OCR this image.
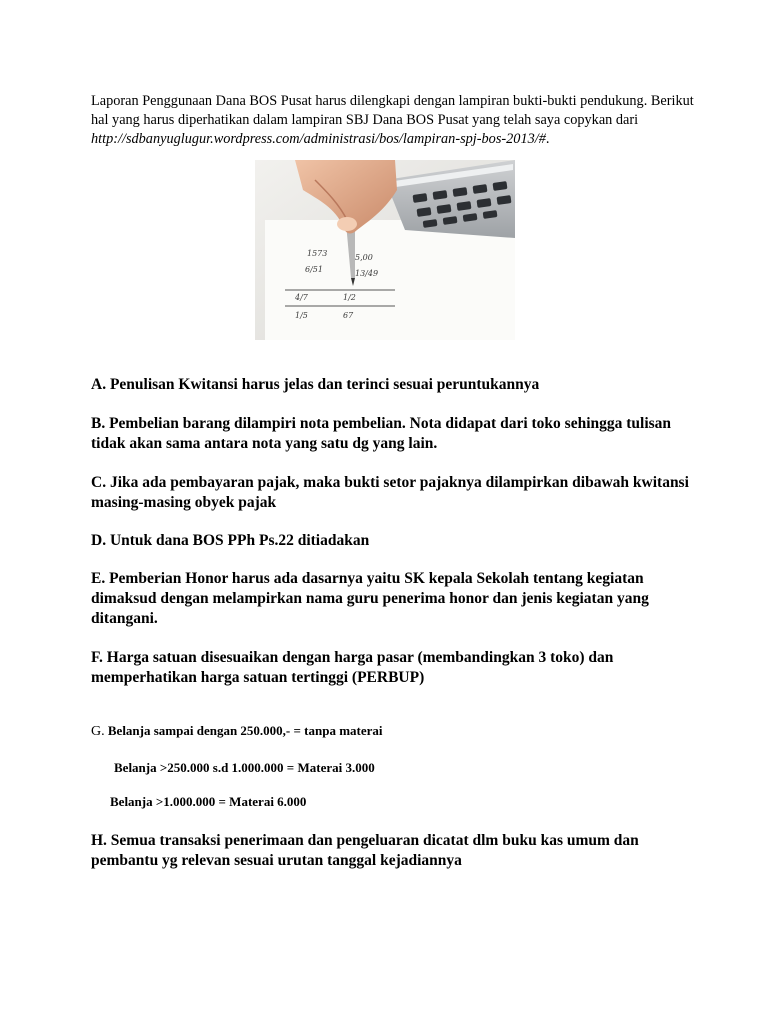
Laporan Penggunaan Dana BOS Pusat harus dilengkapi dengan lampiran bukti-bukti pendukung. Berikut hal yang harus diperhatikan dalam lampiran SBJ Dana BOS Pusat yang telah saya copykan dari http://sdbanyuglugur.wordpress.com/administrasi/bos/lampiran-spj-bos-2013/#.

1573	5,00
6/51	13/49
4/7	1/2
1/5	67
A. Penulisan Kwitansi harus jelas dan terinci sesuai peruntukannya
B. Pembelian barang dilampiri nota pembelian. Nota didapat dari toko sehingga tulisan tidak akan sama antara nota yang satu dg yang lain.
C. Jika ada pembayaran pajak, maka bukti setor pajaknya dilampirkan dibawah kwitansi masing-masing obyek pajak
D. Untuk dana BOS PPh Ps.22 ditiadakan
E. Pemberian Honor harus ada dasarnya yaitu SK kepala Sekolah tentang kegiatan dimaksud dengan melampirkan nama guru penerima honor dan jenis kegiatan yang ditangani.
F. Harga satuan disesuaikan dengan harga pasar (membandingkan 3 toko) dan memperhatikan harga satuan tertinggi (PERBUP)
G. Belanja sampai dengan 250.000,- = tanpa materai
Belanja >250.000 s.d 1.000.000 = Materai 3.000
Belanja >1.000.000 = Materai 6.000
H. Semua transaksi penerimaan dan pengeluaran dicatat dlm buku kas umum dan pembantu yg relevan sesuai urutan tanggal kejadiannya
